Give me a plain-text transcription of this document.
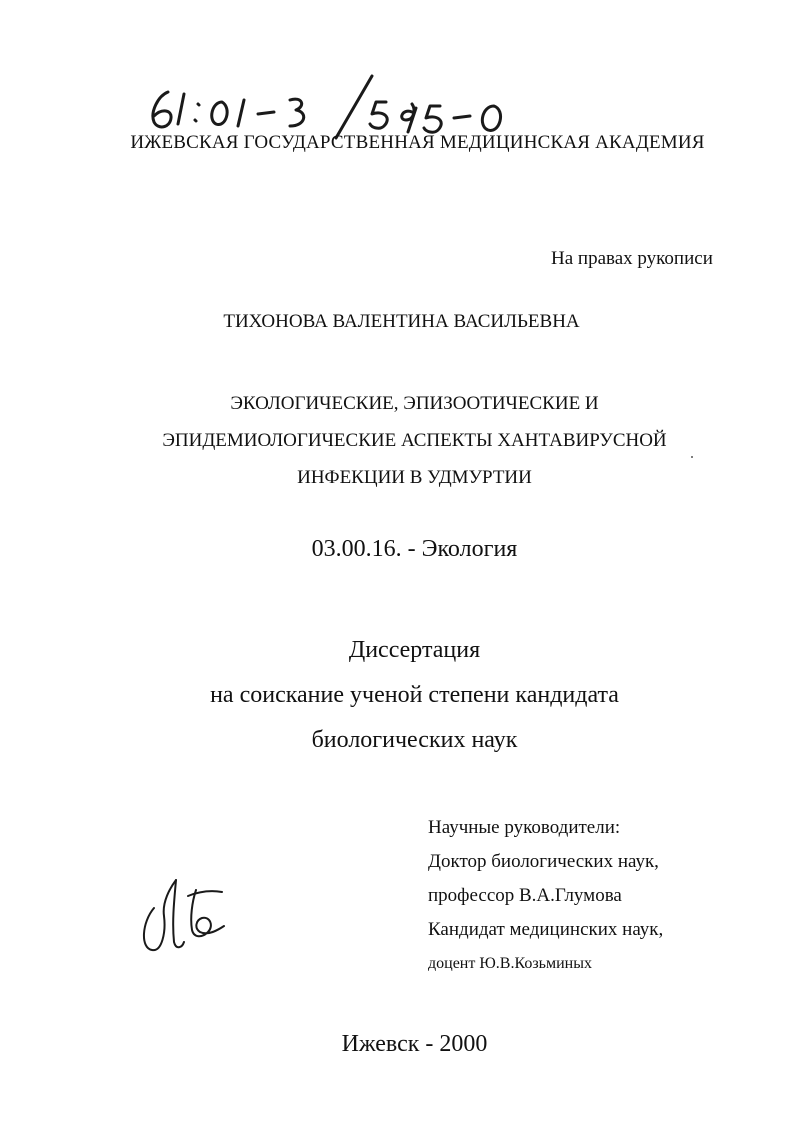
ИЖЕВСКАЯ ГОСУДАРСТВЕННАЯ МЕДИЦИНСКАЯ АКАДЕМИЯ
На правах рукописи
ТИХОНОВА ВАЛЕНТИНА ВАСИЛЬЕВНА
ЭКОЛОГИЧЕСКИЕ, ЭПИЗООТИЧЕСКИЕ И
ЭПИДЕМИОЛОГИЧЕСКИЕ АСПЕКТЫ ХАНТАВИРУСНОЙ
ИНФЕКЦИИ В УДМУРТИИ
03.00.16. - Экология
Диссертация
на соискание ученой степени кандидата
биологических наук
Научные руководители:
Доктор биологических наук,
профессор В.А.Глумова
Кандидат медицинских наук,
доцент Ю.В.Козьминых
Ижевск - 2000
